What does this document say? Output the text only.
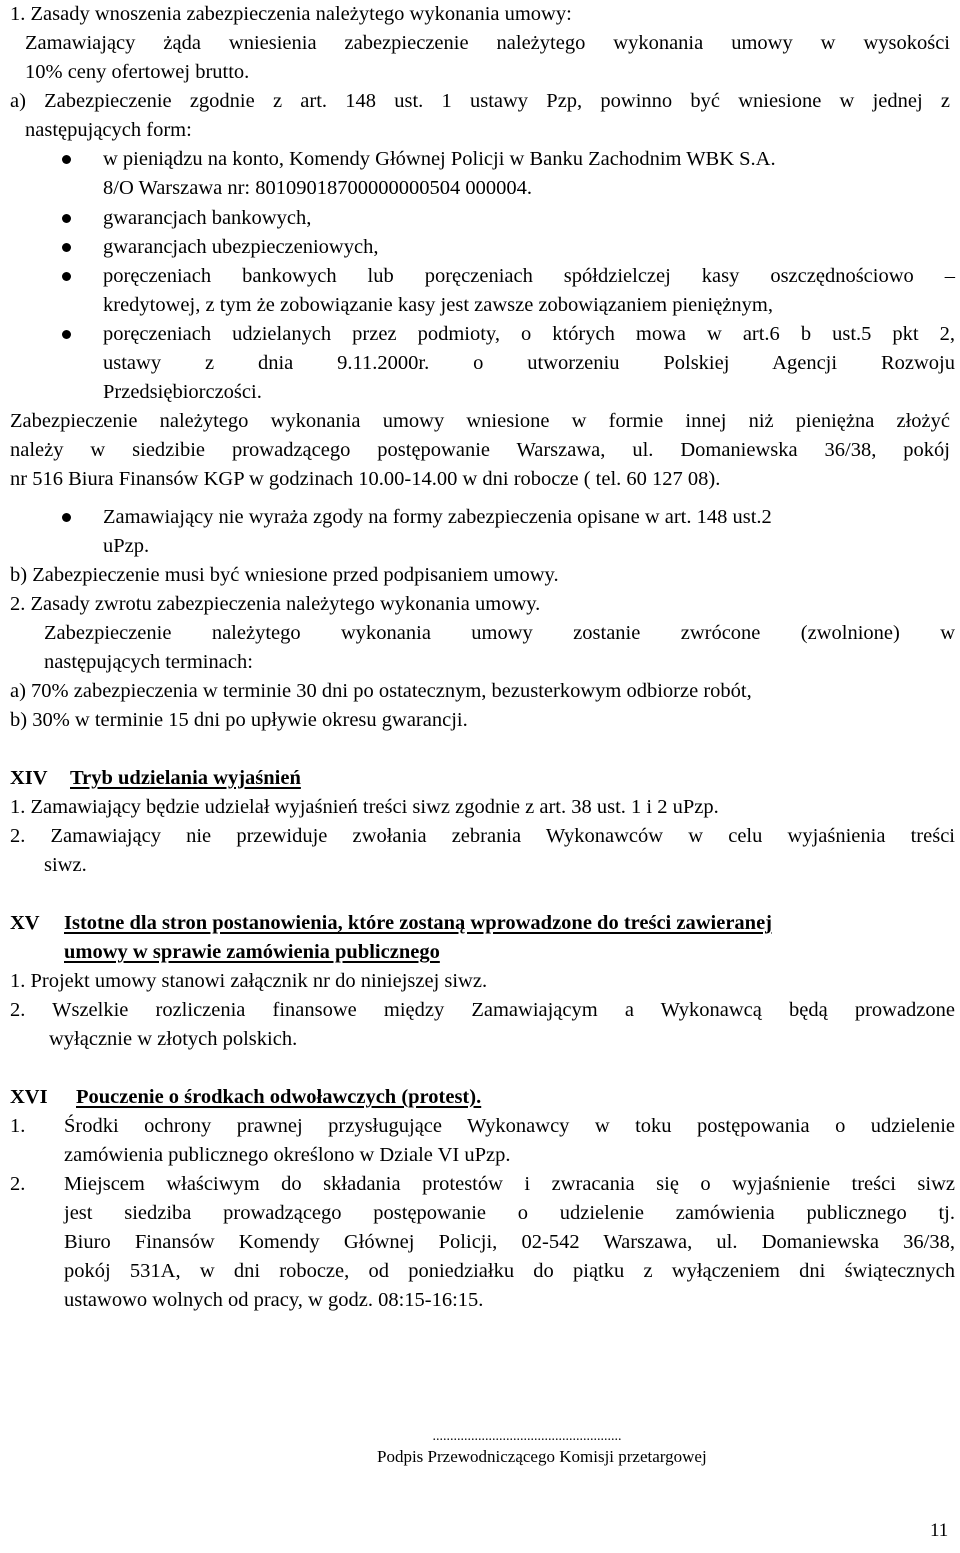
1. Zasady wnoszenia zabezpieczenia należytego wykonania umowy:
Zamawiający żąda wniesienia zabezpieczenie należytego wykonania umowy w wysokości
10% ceny ofertowej brutto.
a) Zabezpieczenie zgodnie z art. 148 ust. 1 ustawy Pzp, powinno być wniesione w jednej z
następujących form:
w pieniądzu na konto, Komendy Głównej Policji w Banku Zachodnim WBK S.A.
8/O Warszawa nr: 80109018700000000504 000004.
gwarancjach bankowych,
gwarancjach ubezpieczeniowych,
poręczeniach bankowych lub poręczeniach spółdzielczej kasy oszczędnościowo –
kredytowej, z tym że zobowiązanie kasy jest zawsze zobowiązaniem pieniężnym,
poręczeniach udzielanych przez podmioty, o których mowa w art.6 b ust.5 pkt 2,
ustawy z dnia 9.11.2000r. o utworzeniu Polskiej Agencji Rozwoju
Przedsiębiorczości.
Zabezpieczenie należytego wykonania umowy wniesione w formie innej niż pieniężna złożyć
należy w siedzibie prowadzącego postępowanie Warszawa, ul. Domaniewska 36/38, pokój
nr 516 Biura Finansów KGP w godzinach 10.00-14.00 w dni robocze ( tel. 60 127 08).
Zamawiający nie wyraża zgody na formy zabezpieczenia opisane w art. 148 ust.2
uPzp.
b) Zabezpieczenie musi być wniesione przed podpisaniem umowy.
2. Zasady zwrotu zabezpieczenia należytego wykonania umowy.
Zabezpieczenie należytego wykonania umowy zostanie zwrócone (zwolnione) w
następujących terminach:
a) 70% zabezpieczenia w terminie 30 dni po ostatecznym, bezusterkowym odbiorze robót,
b) 30% w terminie 15 dni po upływie okresu gwarancji.
XIV Tryb udzielania wyjaśnień
1. Zamawiający będzie udzielał wyjaśnień treści siwz zgodnie z art. 38 ust. 1 i 2 uPzp.
2. Zamawiający nie przewiduje zwołania zebrania Wykonawców w celu wyjaśnienia treści
siwz.
XV Istotne dla stron postanowienia, które zostaną wprowadzone do treści zawieranej
umowy w sprawie zamówienia publicznego
1. Projekt umowy stanowi załącznik nr do niniejszej siwz.
2. Wszelkie rozliczenia finansowe między Zamawiającym a Wykonawcą będą prowadzone
wyłącznie w złotych polskich.
XVI Pouczenie o środkach odwoławczych (protest).
1. Środki ochrony prawnej przysługujące Wykonawcy w toku postępowania o udzielenie
zamówienia publicznego określono w Dziale VI uPzp.
2. Miejscem właściwym do składania protestów i zwracania się o wyjaśnienie treści siwz
jest siedziba prowadzącego postępowanie o udzielenie zamówienia publicznego tj.
Biuro Finansów Komendy Głównej Policji, 02-542 Warszawa, ul. Domaniewska 36/38,
pokój 531A, w dni robocze, od poniedziałku do piątku z wyłączeniem dni świątecznych
ustawowo wolnych od pracy, w godz. 08:15-16:15.
......................................................
Podpis Przewodniczącego Komisji przetargowej
11
